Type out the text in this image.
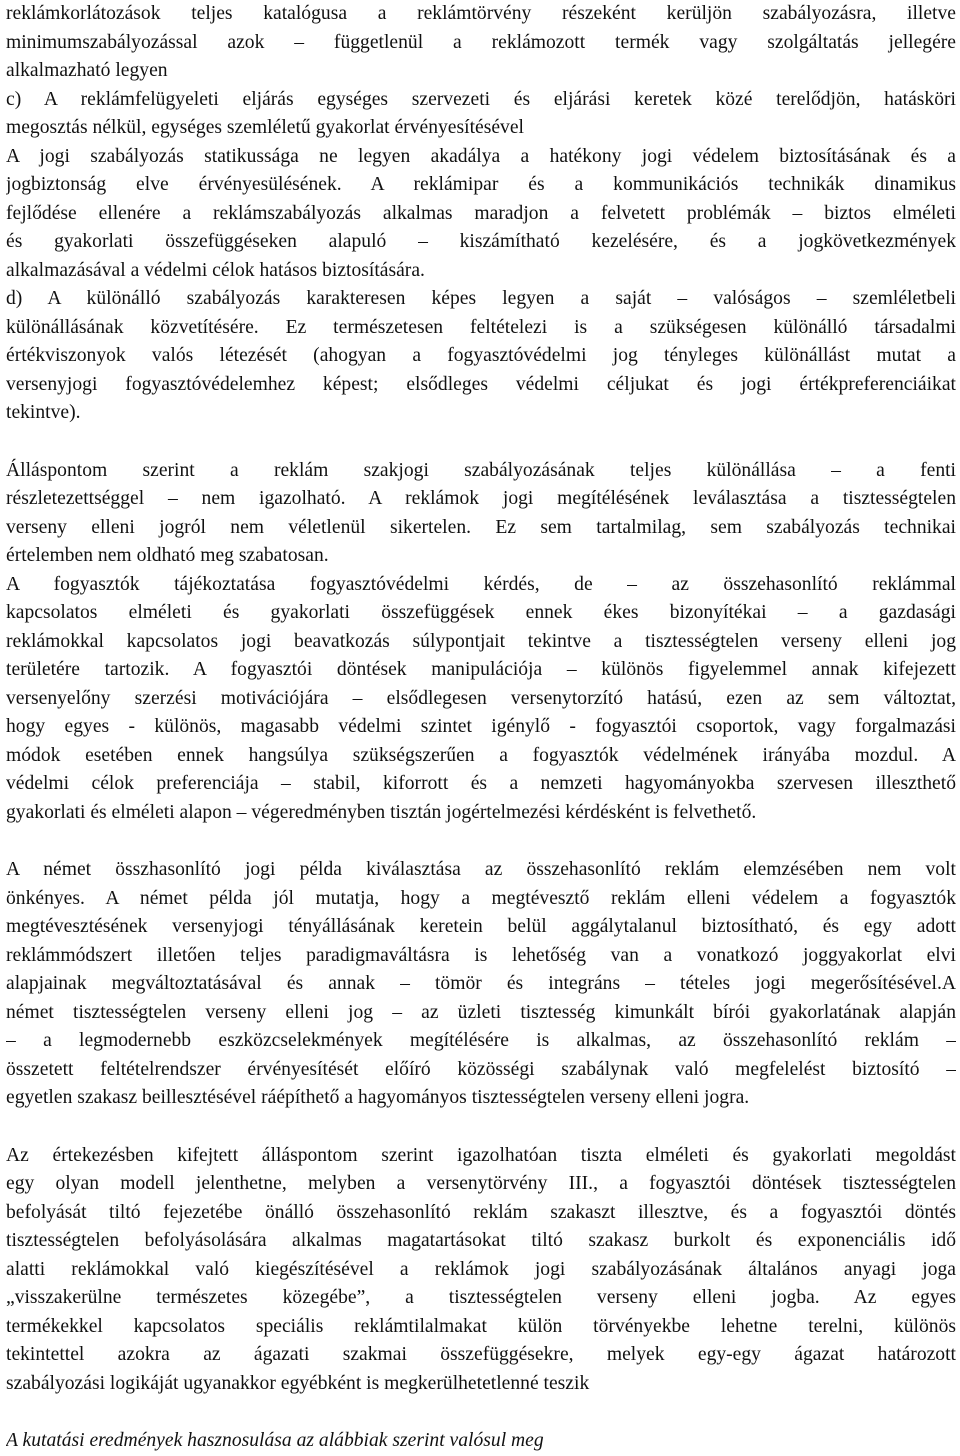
reklámkorlátozások teljes katalógusa a reklámtörvény részeként kerüljön szabályozásra, illetve
minimumszabályozással azok – függetlenül a reklámozott termék vagy szolgáltatás jellegére
alkalmazható legyen
c) A reklámfelügyeleti eljárás egységes szervezeti és eljárási keretek közé terelődjön, hatásköri
megosztás nélkül, egységes szemléletű gyakorlat érvényesítésével
A jogi szabályozás statikussága ne legyen akadálya a hatékony jogi védelem biztosításának és a
jogbiztonság elve érvényesülésének. A reklámipar és a kommunikációs technikák dinamikus
fejlődése ellenére a reklámszabályozás alkalmas maradjon a felvetett problémák – biztos elméleti
és gyakorlati összefüggéseken alapuló – kiszámítható kezelésére, és a jogkövetkezmények
alkalmazásával a védelmi célok hatásos biztosítására.
d) A különálló szabályozás karakteresen képes legyen a saját – valóságos – szemléletbeli
különállásának közvetítésére. Ez természetesen feltételezi is a szükségesen különálló társadalmi
értékviszonyok valós létezését (ahogyan a fogyasztóvédelmi jog tényleges különállást mutat a
versenyjogi fogyasztóvédelemhez képest; elsődleges védelmi céljukat és jogi értékpreferenciáikat
tekintve).
Álláspontom szerint a reklám szakjogi szabályozásának teljes különállása – a fenti
részletezettséggel – nem igazolható. A reklámok jogi megítélésének leválasztása a tisztességtelen
verseny elleni jogról nem véletlenül sikertelen. Ez sem tartalmilag, sem szabályozás technikai
értelemben nem oldható meg szabatosan.
A fogyasztók tájékoztatása fogyasztóvédelmi kérdés, de – az összehasonlító reklámmal
kapcsolatos elméleti és gyakorlati összefüggések ennek ékes bizonyítékai – a gazdasági
reklámokkal kapcsolatos jogi beavatkozás súlypontjait tekintve a tisztességtelen verseny elleni jog
területére tartozik. A fogyasztói döntések manipulációja – különös figyelemmel annak kifejezett
versenyelőny szerzési motivációjára – elsődlegesen versenytorzító hatású, ezen az sem változtat,
hogy egyes - különös, magasabb védelmi szintet igénylő - fogyasztói csoportok, vagy forgalmazási
módok esetében ennek hangsúlya szükségszerűen a fogyasztók védelmének irányába mozdul. A
védelmi célok preferenciája – stabil, kiforrott és a nemzeti hagyományokba szervesen illeszthető
gyakorlati és elméleti alapon – végeredményben tisztán jogértelmezési kérdésként is felvethető.
A német összhasonlító jogi példa kiválasztása az összehasonlító reklám elemzésében nem volt
önkényes. A német példa jól mutatja, hogy a megtévesztő reklám elleni védelem a fogyasztók
megtévesztésének versenyjogi tényállásának keretein belül aggálytalanul biztosítható, és egy adott
reklámmódszert illetően teljes paradigmaváltásra is lehetőség van a vonatkozó joggyakorlat elvi
alapjainak megváltoztatásával és annak – tömör és integráns – tételes jogi megerősítésével.A
német tisztességtelen verseny elleni jog – az üzleti tisztesség kimunkált bírói gyakorlatának alapján
– a legmodernebb eszközcselekmények megítélésére is alkalmas, az összehasonlító reklám –
összetett feltételrendszer érvényesítését előíró közösségi szabálynak való megfelelést biztosító –
egyetlen szakasz beillesztésével ráépíthető a hagyományos tisztességtelen verseny elleni jogra.
Az értekezésben kifejtett álláspontom szerint igazolhatóan tiszta elméleti és gyakorlati megoldást
egy olyan modell jelenthetne, melyben a versenytörvény III., a fogyasztói döntések tisztességtelen
befolyását tiltó fejezetébe önálló összehasonlító reklám szakaszt illesztve, és a fogyasztói döntés
tisztességtelen befolyásolására alkalmas magatartásokat tiltó szakasz burkolt és exponenciális idő
alatti reklámokkal való kiegészítésével a reklámok jogi szabályozásának általános anyagi joga
„visszakerülne természetes közegébe”, a tisztességtelen verseny elleni jogba. Az egyes
termékekkel kapcsolatos speciális reklámtilalmakat külön törvényekbe lehetne terelni, különös
tekintettel azokra az ágazati szakmai összefüggésekre, melyek egy-egy ágazat határozott
szabályozási logikáját ugyanakkor egyébként is megkerülhetetlenné teszik
A kutatási eredmények hasznosulása az alábbiak szerint valósul meg
